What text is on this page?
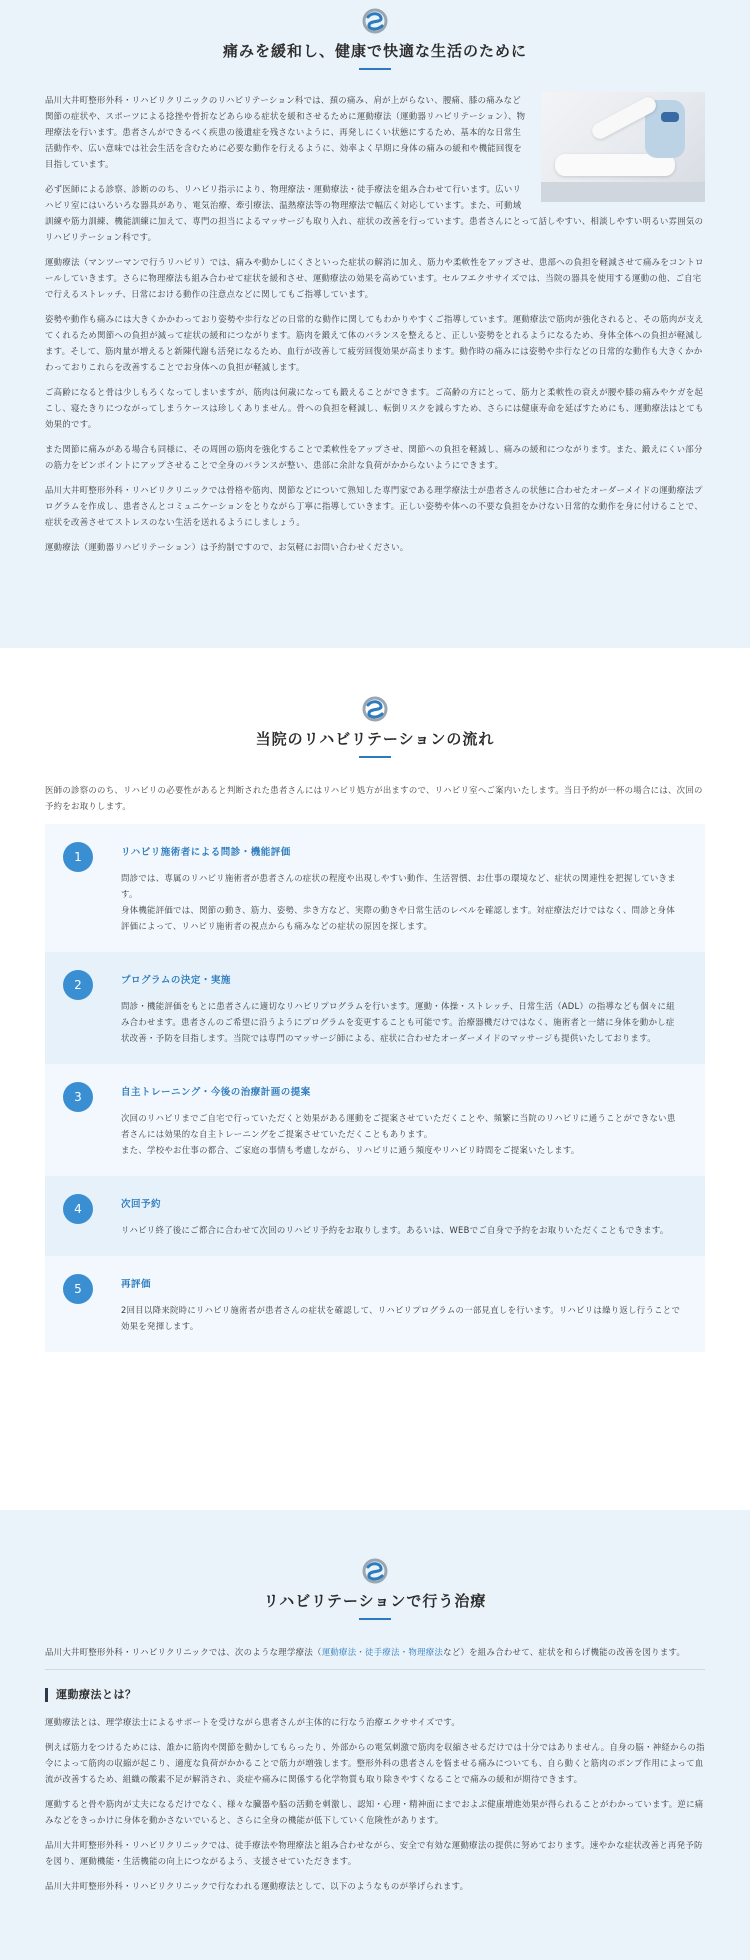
痛みを緩和し、健康で快適な生活のために

品川大井町整形外科・リハビリクリニックのリハビリテーション科では、頚の痛み、肩が上がらない、腰痛、膝の痛みなど関節の症状や、スポーツによる捻挫や骨折などあらゆる症状を緩和させるために運動療法（運動器リハビリテーション）、物理療法を行います。患者さんができるべく疾患の後遺症を残さないように、再発しにくい状態にするため、基本的な日常生活動作や、広い意味では社会生活を含むために必要な動作を行えるように、効率よく早期に身体の痛みの緩和や機能回復を目指しています。

必ず医師による診察、診断ののち、リハビリ指示により、物理療法・運動療法・徒手療法を組み合わせて行います。広いリハビリ室にはいろいろな器具があり、電気治療、牽引療法、温熱療法等の物理療法で幅広く対応しています。また、可動域訓練や筋力訓練、機能訓練に加えて、専門の担当によるマッサージも取り入れ、症状の改善を行っています。患者さんにとって話しやすい、相談しやすい明るい雰囲気のリハビリテーション科です。

運動療法（マンツーマンで行うリハビリ）では、痛みや動かしにくさといった症状の解消に加え、筋力や柔軟性をアップさせ、患部への負担を軽減させて痛みをコントロールしていきます。さらに物理療法も組み合わせて症状を緩和させ、運動療法の効果を高めています。セルフエクササイズでは、当院の器具を使用する運動の他、ご自宅で行えるストレッチ、日常における動作の注意点などに関してもご指導しています。

姿勢や動作も痛みには大きくかかわっており姿勢や歩行などの日常的な動作に関してもわかりやすくご指導しています。運動療法で筋肉が強化されると、その筋肉が支えてくれるため関節への負担が減って症状の緩和につながります。筋肉を鍛えて体のバランスを整えると、正しい姿勢をとれるようになるため、身体全体への負担が軽減します。そして、筋肉量が増えると新陳代謝も活発になるため、血行が改善して疲労回復効果が高まります。動作時の痛みには姿勢や歩行などの日常的な動作も大きくかかわっておりこれらを改善することでお身体への負担が軽減します。

ご高齢になると骨は少しもろくなってしまいますが、筋肉は何歳になっても鍛えることができます。ご高齢の方にとって、筋力と柔軟性の衰えが腰や膝の痛みやケガを起こし、寝たきりにつながってしまうケースは珍しくありません。骨への負担を軽減し、転倒リスクを減らすため、さらには健康寿命を延ばすためにも、運動療法はとても効果的です。

また関節に痛みがある場合も同様に、その周囲の筋肉を強化することで柔軟性をアップさせ、関節への負担を軽減し、痛みの緩和につながります。また、鍛えにくい部分の筋力をピンポイントにアップさせることで全身のバランスが整い、患部に余計な負荷がかからないようにできます。

品川大井町整形外科・リハビリクリニックでは骨格や筋肉、関節などについて熟知した専門家である理学療法士が患者さんの状態に合わせたオーダーメイドの運動療法プログラムを作成し、患者さんとコミュニケーションをとりながら丁寧に指導していきます。正しい姿勢や体への不要な負担をかけない日常的な動作を身に付けることで、症状を改善させてストレスのない生活を送れるようにしましょう。

運動療法（運動器リハビリテーション）は予約制ですので、お気軽にお問い合わせください。

当院のリハビリテーションの流れ

医師の診察ののち、リハビリの必要性があると判断された患者さんにはリハビリ処方が出ますので、リハビリ室へご案内いたします。当日予約が一杯の場合には、次回の予約をお取りします。

1	リハビリ施術者による問診・機能評価

問診では、専属のリハビリ施術者が患者さんの症状の程度や出現しやすい動作、生活習慣、お仕事の環境など、症状の関連性を把握していきます。

身体機能評価では、関節の動き、筋力、姿勢、歩き方など、実際の動きや日常生活のレベルを確認します。対症療法だけではなく、問診と身体評価によって、リハビリ施術者の視点からも痛みなどの症状の原因を探します。

2	プログラムの決定・実施

問診・機能評価をもとに患者さんに適切なリハビリプログラムを行います。運動・体操・ストレッチ、日常生活（ADL）の指導なども個々に組み合わせます。患者さんのご希望に沿うようにプログラムを変更することも可能です。治療器機だけではなく、施術者と一緒に身体を動かし症状改善・予防を目指します。当院では専門のマッサージ師による、症状に合わせたオーダーメイドのマッサージも提供いたしております。

3	自主トレーニング・今後の治療計画の提案

次回のリハビリまでご自宅で行っていただくと効果がある運動をご提案させていただくことや、頻繁に当院のリハビリに通うことができない患者さんには効果的な自主トレーニングをご提案させていただくこともあります。

また、学校やお仕事の都合、ご家庭の事情も考慮しながら、リハビリに通う頻度やリハビリ時間をご提案いたします。

4	次回予約

リハビリ終了後にご都合に合わせて次回のリハビリ予約をお取りします。あるいは、WEBでご自身で予約をお取りいただくこともできます。

5	再評価

2回目以降来院時にリハビリ施術者が患者さんの症状を確認して、リハビリプログラムの一部見直しを行います。リハビリは繰り返し行うことで効果を発揮します。

リハビリテーションで行う治療

品川大井町整形外科・リハビリクリニックでは、次のような理学療法（運動療法・徒手療法・物理療法など）を組み合わせて、症状を和らげ機能の改善を図ります。

運動療法とは？

運動療法とは、理学療法士によるサポートを受けながら患者さんが主体的に行なう治療エクササイズです。

例えば筋力をつけるためには、誰かに筋肉や関節を動かしてもらったり、外部からの電気刺激で筋肉を収縮させるだけでは十分ではありません。自身の脳・神経からの指令によって筋肉の収縮が起こり、適度な負荷がかかることで筋力が増強します。整形外科の患者さんを悩ませる痛みについても、自ら動くと筋肉のポンプ作用によって血流が改善するため、組織の酸素不足が解消され、炎症や痛みに関係する化学物質も取り除きやすくなることで痛みの緩和が期待できます。

運動すると骨や筋肉が丈夫になるだけでなく、様々な臓器や脳の活動を刺激し、認知・心理・精神面にまでおよぶ健康増進効果が得られることがわかっています。逆に痛みなどをきっかけに身体を動かさないでいると、さらに全身の機能が低下していく危険性があります。

品川大井町整形外科・リハビリクリニックでは、徒手療法や物理療法と組み合わせながら、安全で有効な運動療法の提供に努めております。速やかな症状改善と再発予防を図り、運動機能・生活機能の向上につながるよう、支援させていただきます。

品川大井町整形外科・リハビリクリニックで行なわれる運動療法として、以下のようなものが挙げられます。
